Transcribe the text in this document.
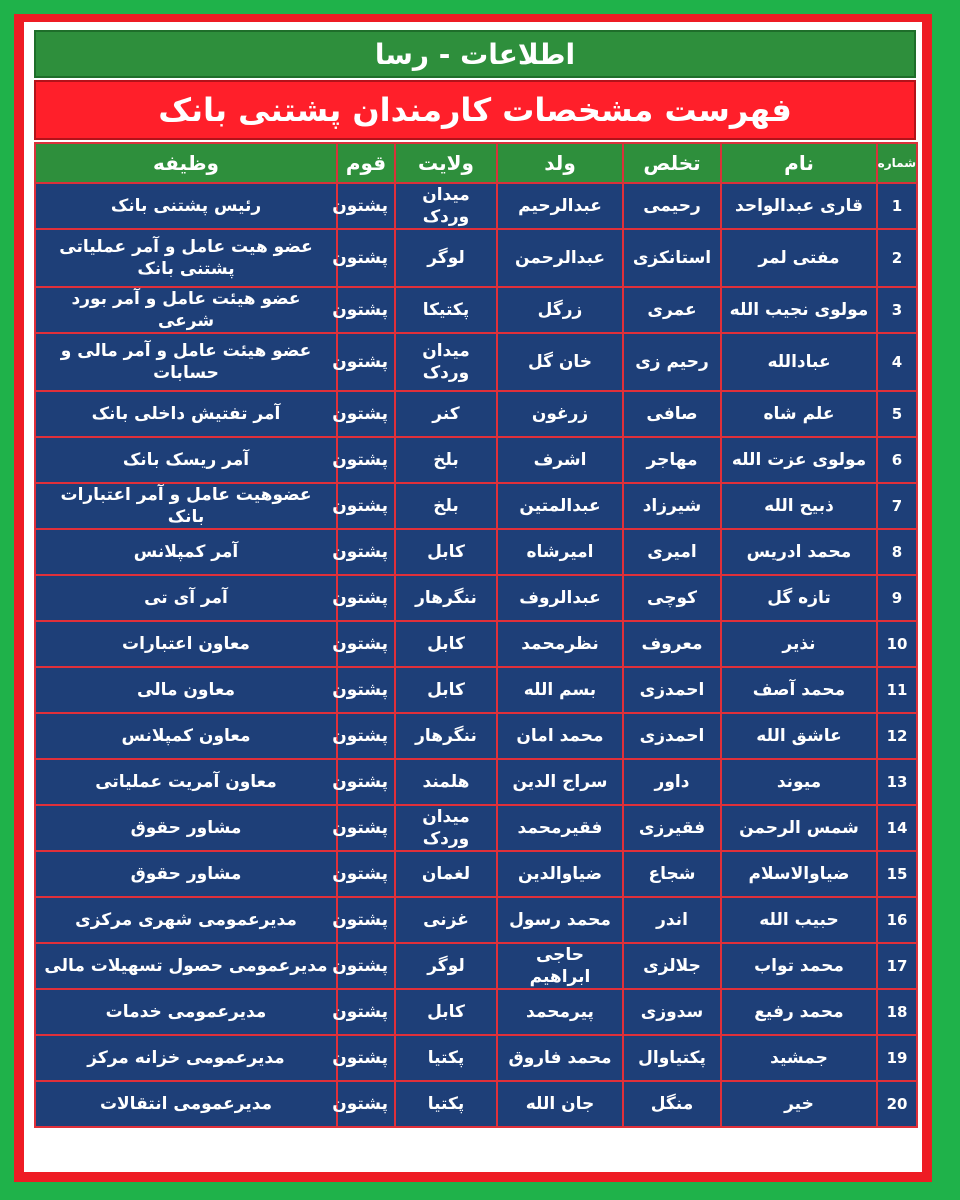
اطلاعات - رسا
فهرست مشخصات کارمندان پشتنی بانک
شماره	نام	تخلص	ولد	ولایت	قوم	وظیفه
1	قاری عبدالواحد	رحیمی	عبدالرحیم	میدان وردک	پشتون	رئیس پشتنی بانک
2	مفتی لمر	استانکزی	عبدالرحمن	لوگر	پشتون	عضو هیت عامل و آمر عملیاتی پشتنی بانک
3	مولوی نجیب الله	عمری	زرگل	پکتیکا	پشتون	عضو هیئت عامل و آمر بورد شرعی
4	عبادالله	رحیم زی	خان گل	میدان وردک	پشتون	عضو هیئت عامل و آمر مالی و حسابات
5	علم شاه	صافی	زرغون	کنر	پشتون	آمر تفتیش داخلی بانک
6	مولوی عزت الله	مهاجر	اشرف	بلخ	پشتون	آمر ریسک بانک
7	ذبیح الله	شیرزاد	عبدالمتین	بلخ	پشتون	عضوهیت عامل و آمر اعتبارات بانک
8	محمد ادریس	امیری	امیرشاه	کابل	پشتون	آمر کمپلانس
9	تازه گل	کوچی	عبدالروف	ننگرهار	پشتون	آمر آی تی
10	نذیر	معروف	نظرمحمد	کابل	پشتون	معاون اعتبارات
11	محمد آصف	احمدزی	بسم الله	کابل	پشتون	معاون مالی
12	عاشق الله	احمدزی	محمد امان	ننگرهار	پشتون	معاون کمپلانس
13	میوند	داور	سراج الدین	هلمند	پشتون	معاون آمریت عملیاتی
14	شمس الرحمن	فقیرزی	فقیرمحمد	میدان وردک	پشتون	مشاور حقوق
15	ضیاوالاسلام	شجاع	ضیاوالدین	لغمان	پشتون	مشاور حقوق
16	حبیب الله	اندر	محمد رسول	غزنی	پشتون	مدیرعمومی شهری مرکزی
17	محمد تواب	جلالزی	حاجی ابراهیم	لوگر	پشتون	مدیرعمومی حصول تسهیلات مالی
18	محمد رفیع	سدوزی	پیرمحمد	کابل	پشتون	مدیرعمومی خدمات
19	جمشید	پکتیاوال	محمد فاروق	پکتیا	پشتون	مدیرعمومی خزانه مرکز
20	خیر	منگل	جان الله	پکتیا	پشتون	مدیرعمومی انتقالات
